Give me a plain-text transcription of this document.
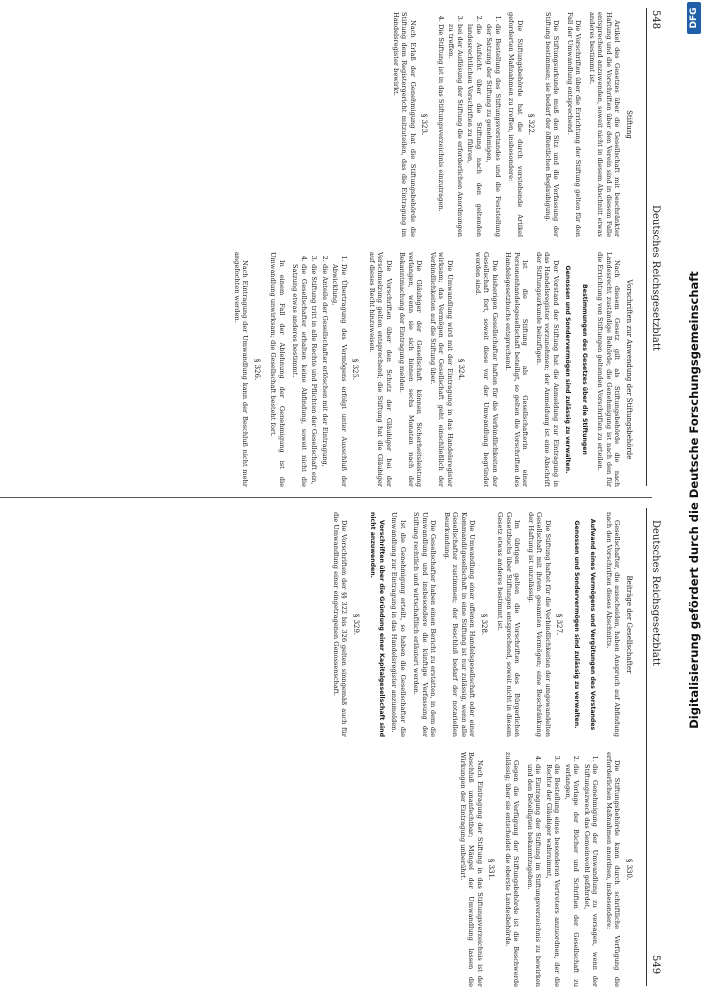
548
Deutsches Reichsgesetzblatt
Stiftung

Artikel des Gesetzes über die Gesellschaft mit beschränkter Haftung und die Vorschriften über den Verein sind in diesem Falle entsprechend anzuwenden, soweit nicht in diesem Abschnitt etwas anderes bestimmt ist.

Die Vorschriften über die Errichtung der Stiftung gelten für den Fall der Umwandlung entsprechend.

Die Stiftungsurkunde muß den Sitz und die Verfassung der Stiftung bestimmen; sie bedarf der öffentlichen Beglaubigung.

§ 322.

Die Stiftungsbehörde hat die durch vorstehende Artikel geforderten Maßnahmen zu treffen, insbesondere:

1. die Bestellung des Stiftungsvorstandes und die Feststellung der Satzung der Stiftung zu genehmigen,
2. die Aufsicht über die Stiftung nach den geltenden landesrechtlichen Vorschriften zu führen,
3. bei der Auflösung der Stiftung die erforderlichen Anordnungen zu treffen.
4. Die Stiftung ist in das Stiftungsverzeichnis einzutragen.
§ 323.

Nach Erlaß der Genehmigung hat die Stiftungsbehörde die Stiftung dem Registergericht mitzuteilen, das die Eintragung im Handelsregister bewirkt.

Vorschriften zur Anwendung der Stiftungsbehörde

Nach diesem Gesetz gilt als Stiftungsbehörde die nach Landesrecht zuständige Behörde; die Genehmigung ist nach den für die Errichtung von Stiftungen geltenden Vorschriften zu erteilen.

Bestimmungen des Gesetzes über die Stiftungen
Genossen und Sondervermögen sind zulässig zu verwalten.

Der Vorstand der Stiftung hat die Anmeldung zur Eintragung in das Handelsregister vorzunehmen; der Anmeldung ist eine Abschrift der Stiftungsurkunde beizufügen.

Ist die Stiftung als Gesellschafterin einer Personenhandelsgesellschaft beteiligt, so gelten die Vorschriften des Handelsgesetzbuchs entsprechend.

Die bisherigen Gesellschafter haften für die Verbindlichkeiten der Gesellschaft fort, soweit diese vor der Umwandlung begründet worden sind.

§ 324.

Die Umwandlung wird mit der Eintragung in das Handelsregister wirksam; das Vermögen der Gesellschaft geht einschließlich der Verbindlichkeiten auf die Stiftung über.

Die Gläubiger der Gesellschaft können Sicherheitsleistung verlangen, wenn sie sich binnen sechs Monaten nach der Bekanntmachung der Eintragung melden.

Die Vorschriften über den Schutz der Gläubiger bei der Verschmelzung gelten entsprechend; die Stiftung hat die Gläubiger auf dieses Recht hinzuweisen.

§ 325.
1. Die Übertragung des Vermögens erfolgt unter Ausschluß der Abwicklung,
2. die Anteile der Gesellschafter erlöschen mit der Eintragung,
3. die Stiftung tritt in alle Rechte und Pflichten der Gesellschaft ein,
4. die Gesellschafter erhalten keine Abfindung, soweit nicht die Satzung etwas anderes bestimmt.

In einem Fall der Ablehnung der Genehmigung ist die Umwandlung unwirksam; die Gesellschaft besteht fort.

§ 326.

Nach Eintragung der Umwandlung kann der Beschluß nicht mehr angefochten werden.

Deutsches Reichsgesetzblatt
549
Beiträge der Gesellschafter

Gesellschafter, die ausscheiden, haben Anspruch auf Abfindung nach den Vorschriften dieses Abschnitts.

Aufwand eines Vermögens und Vergütungen des Vorstandes
Genossen und Sondervermögen sind zulässig zu verwalten.
§ 327.

Die Stiftung haftet für die Verbindlichkeiten der umgewandelten Gesellschaft mit ihrem gesamten Vermögen; eine Beschränkung der Haftung ist unzulässig.

Im übrigen gelten die Vorschriften des Bürgerlichen Gesetzbuchs über Stiftungen entsprechend, soweit nicht in diesem Gesetz etwas anderes bestimmt ist.

§ 328.

Die Umwandlung einer offenen Handelsgesellschaft oder einer Kommanditgesellschaft in eine Stiftung ist nur zulässig, wenn alle Gesellschafter zustimmen; der Beschluß bedarf der notariellen Beurkundung.

Die Gesellschafter haben einen Bericht zu erstatten, in dem die Umwandlung und insbesondere die künftige Verfassung der Stiftung rechtlich und wirtschaftlich erläutert werden.

Ist die Genehmigung erteilt, so haben die Gesellschafter die Umwandlung zur Eintragung in das Handelsregister anzumelden.

Vorschriften über die Gründung einer Kapitalgesellschaft sind nicht anzuwenden.

§ 329.

Die Vorschriften der §§ 322 bis 326 gelten sinngemäß auch für die Umwandlung einer eingetragenen Genossenschaft.

§ 330.

Die Stiftungsbehörde kann durch schriftliche Verfügung die erforderlichen Maßnahmen anordnen, insbesondere:

1. die Genehmigung der Umwandlung zu versagen, wenn der Stiftungszweck das Gemeinwohl gefährdet,
2. die Vorlage der Bücher und Schriften der Gesellschaft zu verlangen,
3. die Bestellung eines besonderen Vertreters anzuordnen, der die Rechte der Gläubiger wahrnimmt,
4. die Eintragung der Stiftung im Stiftungsverzeichnis zu bewirken und den Beteiligten bekanntzugeben.

Gegen die Verfügung der Stiftungsbehörde ist die Beschwerde zulässig; über sie entscheidet die oberste Landesbehörde.

§ 331.

Nach Eintragung der Stiftung in das Stiftungsverzeichnis ist der Beschluß unanfechtbar; Mängel der Umwandlung lassen die Wirkungen der Eintragung unberührt.

Digitalisierung gefördert durch die Deutsche Forschungsgemeinschaft
DFG
